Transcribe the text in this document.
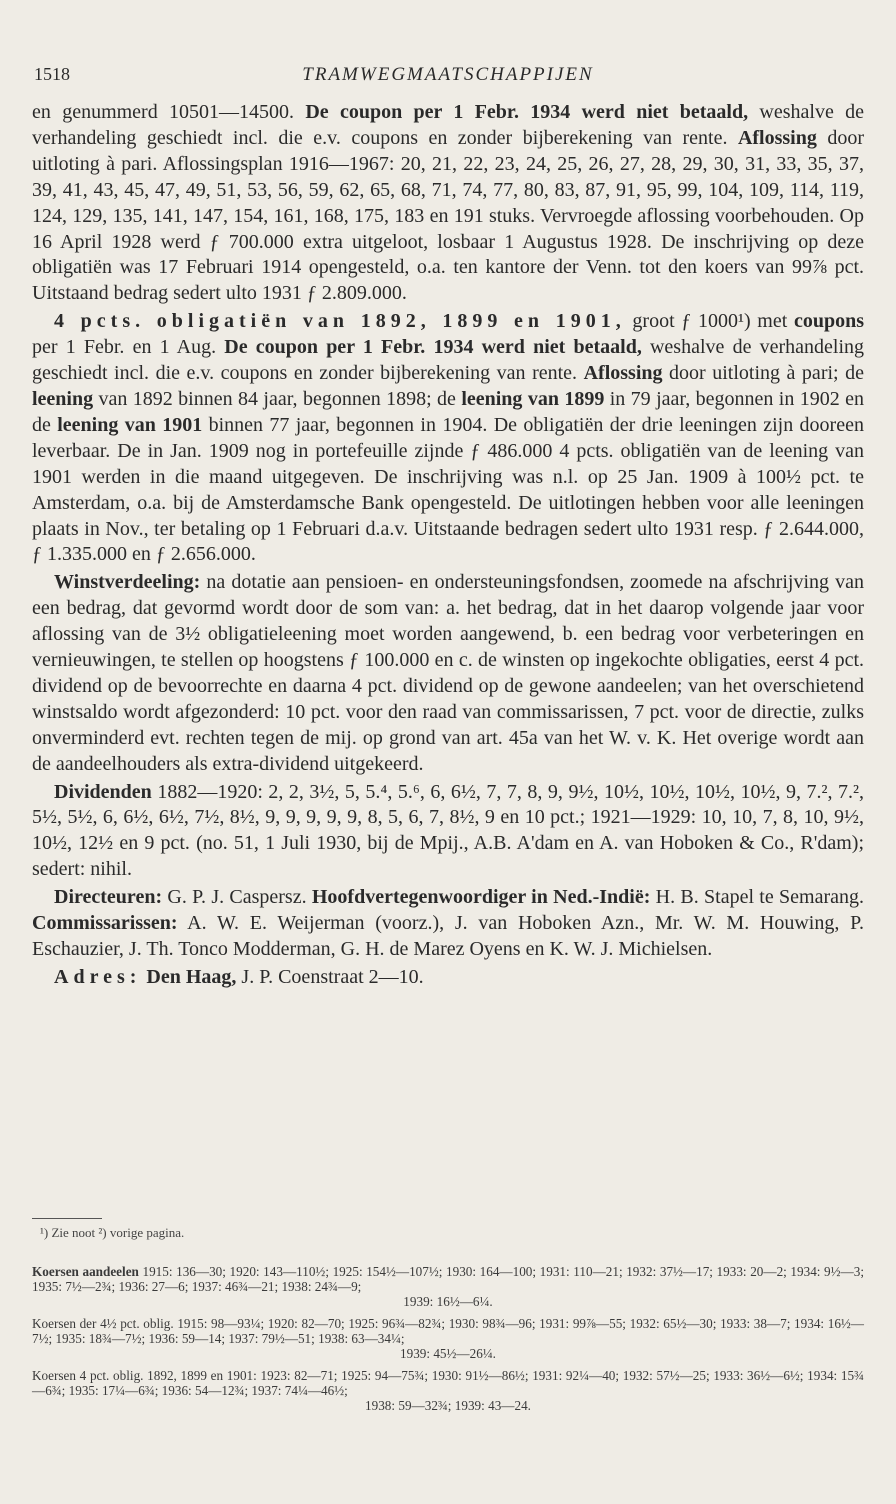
1518	TRAMWEGMAATSCHAPPIJEN

en genummerd 10501—14500. De coupon per 1 Febr. 1934 werd niet betaald, weshalve de verhandeling geschiedt incl. die e.v. coupons en zonder bijberekening van rente. Aflossing door uitloting à pari. Aflossingsplan 1916—1967: 20, 21, 22, 23, 24, 25, 26, 27, 28, 29, 30, 31, 33, 35, 37, 39, 41, 43, 45, 47, 49, 51, 53, 56, 59, 62, 65, 68, 71, 74, 77, 80, 83, 87, 91, 95, 99, 104, 109, 114, 119, 124, 129, 135, 141, 147, 154, 161, 168, 175, 183 en 191 stuks. Vervroegde aflossing voorbehouden. Op 16 April 1928 werd ƒ 700.000 extra uitgeloot, losbaar 1 Augustus 1928. De inschrijving op deze obligatiën was 17 Februari 1914 opengesteld, o.a. ten kantore der Venn. tot den koers van 99⅞ pct. Uitstaand bedrag sedert ulto 1931 ƒ 2.809.000.

4 pcts. obligatiën van 1892, 1899 en 1901, groot ƒ 1000¹) met coupons per 1 Febr. en 1 Aug. De coupon per 1 Febr. 1934 werd niet betaald, weshalve de verhandeling geschiedt incl. die e.v. coupons en zonder bijberekening van rente. Aflossing door uitloting à pari; de leening van 1892 binnen 84 jaar, begonnen 1898; de leening van 1899 in 79 jaar, begonnen in 1902 en de leening van 1901 binnen 77 jaar, begonnen in 1904. De obligatiën der drie leeningen zijn dooreen leverbaar. De in Jan. 1909 nog in portefeuille zijnde ƒ 486.000 4 pcts. obligatiën van de leening van 1901 werden in die maand uitgegeven. De inschrijving was n.l. op 25 Jan. 1909 à 100½ pct. te Amsterdam, o.a. bij de Amsterdamsche Bank opengesteld. De uitlotingen hebben voor alle leeningen plaats in Nov., ter betaling op 1 Februari d.a.v. Uitstaande bedragen sedert ulto 1931 resp. ƒ 2.644.000, ƒ 1.335.000 en ƒ 2.656.000.

Winstverdeeling: na dotatie aan pensioen- en ondersteuningsfondsen, zoomede na afschrijving van een bedrag, dat gevormd wordt door de som van: a. het bedrag, dat in het daarop volgende jaar voor aflossing van de 3½ obligatieleening moet worden aangewend, b. een bedrag voor verbeteringen en vernieuwingen, te stellen op hoogstens ƒ 100.000 en c. de winsten op ingekochte obligaties, eerst 4 pct. dividend op de bevoorrechte en daarna 4 pct. dividend op de gewone aandeelen; van het overschietend winstsaldo wordt afgezonderd: 10 pct. voor den raad van commissarissen, 7 pct. voor de directie, zulks onverminderd evt. rechten tegen de mij. op grond van art. 45a van het W. v. K. Het overige wordt aan de aandeelhouders als extra-dividend uitgekeerd.

Dividenden 1882—1920: 2, 2, 3½, 5, 5.⁴, 5.⁶, 6, 6½, 7, 7, 8, 9, 9½, 10½, 10½, 10½, 10½, 9, 7.², 7.², 5½, 5½, 6, 6½, 6½, 7½, 8½, 9, 9, 9, 9, 9, 8, 5, 6, 7, 8½, 9 en 10 pct.; 1921—1929: 10, 10, 7, 8, 10, 9½, 10½, 12½ en 9 pct. (no. 51, 1 Juli 1930, bij de Mpij., A.B. A'dam en A. van Hoboken & Co., R'dam); sedert: nihil.

Directeuren: G. P. J. Caspersz. Hoofdvertegenwoordiger in Ned.-Indië: H. B. Stapel te Semarang. Commissarissen: A. W. E. Weijerman (voorz.), J. van Hoboken Azn., Mr. W. M. Houwing, P. Eschauzier, J. Th. Tonco Modderman, G. H. de Marez Oyens en K. W. J. Michielsen.

Adres: Den Haag, J. P. Coenstraat 2—10.

¹) Zie noot ²) vorige pagina.

Koersen aandeelen 1915: 136—30; 1920: 143—110½; 1925: 154½—107½; 1930: 164—100; 1931: 110—21; 1932: 37½—17; 1933: 20—2; 1934: 9½—3; 1935: 7½—2¾; 1936: 27—6; 1937: 46¾—21; 1938: 24¾—9;
1939: 16½—6¼.

Koersen der 4½ pct. oblig. 1915: 98—93¼; 1920: 82—70; 1925: 96¾—82¾; 1930: 98¾—96; 1931: 99⅞—55; 1932: 65½—30; 1933: 38—7; 1934: 16½—7½; 1935: 18¾—7½; 1936: 59—14; 1937: 79½—51; 1938: 63—34¼;
1939: 45½—26¼.

Koersen 4 pct. oblig. 1892, 1899 en 1901: 1923: 82—71; 1925: 94—75¾; 1930: 91½—86½; 1931: 92¼—40; 1932: 57½—25; 1933: 36½—6½; 1934: 15¾—6¾; 1935: 17¼—6¾; 1936: 54—12¾; 1937: 74¼—46½;
1938: 59—32¾; 1939: 43—24.
